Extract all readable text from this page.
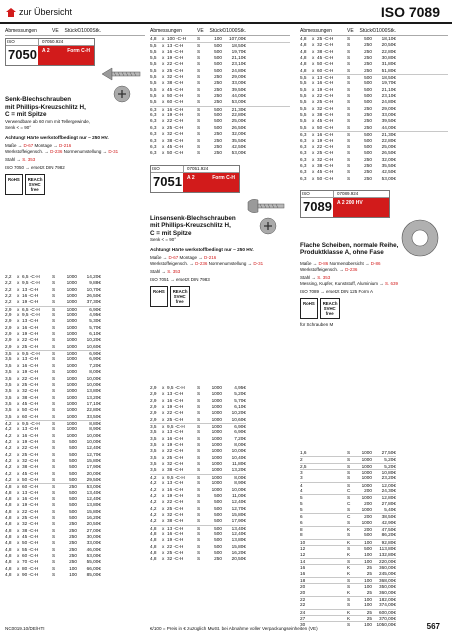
zur Übersicht	ISO 7089
Abmessungen	VE	Stück €/1000Stk.
ISO	07050.924
7050 A 2	Form C-H
Senk-Blechschrauben
mit Phillips-Kreuzschlitz H,
C = mit Spitze
Verwendbare ab 60 mm mit Tellergewinde,
Senk < = 90°
Achtung! Härte werkstoffbedingt nur ~ 250 HV.
Maße → D-67 Montage → D-216
Werkstoffeigensch. → D-236 Normenumstellung → D-31
Stahl → S. 353
ISO 7050 → ersetzt DIN 7982
RoHS	REACh SVHC free
2,2	x 6,5 -C-H	S	1000	14,20€
2,2	x 9,5 -C-H	S	1000	9,88€
2,2	x 13 -C-H	S	1000	10,70€
2,2	x 16 -C-H	S	1000	26,50€
2,2	x 19 -C-H	S	1000	37,30€
2,9	x 6,5 -C-H	S	1000	6,90€
2,9	x 9,5 -C-H	S	1000	4,95€
2,9	x 13 -C-H	S	1000	5,30€
2,9	x 16 -C-H	S	1000	5,70€
2,9	x 19 -C-H	S	1000	6,10€
2,9	x 22 -C-H	S	1000	10,20€
2,9	x 25 -C-H	S	1000	10,60€
3,5	x 9,5 -C-H	S	1000	6,90€
3,5	x 13 -C-H	S	1000	6,90€
3,5	x 16 -C-H	S	1000	7,20€
3,5	x 19 -C-H	S	1000	8,00€
3,5	x 22 -C-H	S	1000	10,00€
3,5	x 25 -C-H	S	1000	10,00€
3,5	x 32 -C-H	S	1000	13,80€
3,5	x 38 -C-H	S	1000	13,20€
3,5	x 45 -C-H	S	1000	17,10€
3,5	x 50 -C-H	S	1000	22,80€
3,5	x 60 -C-H	S	1000	33,50€
4,2	x 9,5 -C-H	S	1000	8,80€
4,2	x 13 -C-H	S	1000	8,90€
4,2	x 16 -C-H	S	1000	10,00€
4,2	x 19 -C-H	S	500	10,00€
4,2	x 22 -C-H	S	500	12,40€
4,2	x 25 -C-H	S	500	12,70€
4,2	x 32 -C-H	S	500	15,80€
4,2	x 38 -C-H	S	500	17,90€
4,2	x 45 -C-H	S	500	20,00€
4,2	x 50 -C-H	S	500	29,50€
4,8	x 60 -C-H	S	250	53,00€
4,8	x 13 -C-H	S	500	13,40€
4,8	x 16 -C-H	S	500	12,40€
4,8	x 19 -C-H	S	500	13,80€
4,8	x 22 -C-H	S	500	15,80€
4,8	x 25 -C-H	S	500	16,20€
4,8	x 32 -C-H	S	250	20,50€
4,8	x 38 -C-H	S	250	27,00€
4,8	x 45 -C-H	S	250	30,00€
4,8	x 50 -C-H	S	250	33,00€
4,8	x 55 -C-H	S	250	46,00€
4,8	x 60 -C-H	S	250	53,00€
4,8	x 70 -C-H	S	250	55,00€
4,8	x 80 -C-H	S	100	66,00€
4,8	x 90 -C-H	S	100	85,00€
Abmessungen	VE	Stück €/1000Stk.
4,8	x 100 -C-H	S	100	107,00€
5,5	x 13 -C-H	S	500	18,50€
5,5	x 16 -C-H	S	500	19,70€
5,5	x 19 -C-H	S	500	21,10€
5,5	x 22 -C-H	S	500	23,10€
5,5	x 25 -C-H	S	500	24,80€
5,5	x 32 -C-H	S	250	29,00€
5,5	x 38 -C-H	S	250	33,00€
5,5	x 45 -C-H	S	250	39,50€
5,5	x 50 -C-H	S	250	44,00€
5,5	x 60 -C-H	S	250	53,00€
6,3	x 16 -C-H	S	500	21,30€
6,3	x 19 -C-H	S	500	22,80€
6,3	x 22 -C-H	S	500	25,00€
6,3	x 25 -C-H	S	500	26,50€
6,3	x 32 -C-H	S	250	32,00€
6,3	x 38 -C-H	S	250	35,50€
6,3	x 45 -C-H	S	250	42,50€
6,3	x 50 -C-H	S	250	53,00€
ISO	07051.924
7051 A 2	Form C-H
Linsensenk-Blechschrauben
mit Phillips-Kreuzschlitz H,
C = mit Spitze
Senk < = 90°
Achtung! Härte werkstoffbedingt nur ~ 250 HV.
Maße → D-67 Montage → D-216
Werkstoffeigensch. → D-236 Normenumstellung → D-31
Stahl → S. 353
ISO 7051 → ersetzt DIN 7983
RoHS	REACh SVHC free
2,9	x 9,5 -C-H	S	1000	4,95€
2,9	x 13 -C-H	S	1000	5,20€
2,9	x 16 -C-H	S	1000	5,70€
2,9	x 19 -C-H	S	1000	6,10€
2,9	x 22 -C-H	S	1000	10,20€
2,9	x 25 -C-H	S	1000	10,60€
3,5	x 9,5 -C-H	S	1000	6,90€
3,5	x 13 -C-H	S	1000	6,90€
3,5	x 16 -C-H	S	1000	7,20€
3,5	x 19 -C-H	S	1000	8,00€
3,5	x 22 -C-H	S	1000	10,00€
3,5	x 25 -C-H	S	1000	10,40€
3,5	x 32 -C-H	S	1000	11,80€
3,5	x 38 -C-H	S	1000	13,20€
4,2	x 9,5 -C-H	S	1000	8,00€
4,2	x 13 -C-H	S	1000	8,90€
4,2	x 16 -C-H	S	1000	10,00€
4,2	x 19 -C-H	S	500	11,00€
4,2	x 22 -C-H	S	500	12,40€
4,2	x 25 -C-H	S	500	12,70€
4,2	x 32 -C-H	S	500	15,80€
4,2	x 38 -C-H	S	500	17,90€
4,8	x 13 -C-H	S	500	13,40€
4,8	x 16 -C-H	S	500	12,40€
4,8	x 19 -C-H	S	500	13,80€
4,8	x 22 -C-H	S	500	15,80€
4,8	x 25 -C-H	S	500	16,20€
4,8	x 32 -C-H	S	250	20,50€
Abmessungen	VE	Stück €/1000Stk.
4,8	x 25 -C-H	S	500	18,10€
4,8	x 32 -C-H	S	250	20,50€
4,8	x 38 -C-H	S	250	22,80€
4,8	x 45 -C-H	S	250	30,80€
4,8	x 50 -C-H	S	250	31,80€
4,8	x 60 -C-H	S	250	51,80€
5,5	x 13 -C-H	S	500	18,50€
5,5	x 16 -C-H	S	500	19,70€
5,5	x 19 -C-H	S	500	21,10€
5,5	x 22 -C-H	S	500	23,10€
5,5	x 25 -C-H	S	500	24,80€
5,5	x 32 -C-H	S	250	29,00€
5,5	x 38 -C-H	S	250	33,00€
5,5	x 45 -C-H	S	250	39,50€
5,5	x 50 -C-H	S	250	44,00€
6,3	x 16 -C-H	S	500	21,30€
6,3	x 19 -C-H	S	500	22,80€
6,3	x 22 -C-H	S	500	25,00€
6,3	x 25 -C-H	S	500	26,50€
6,3	x 32 -C-H	S	250	32,00€
6,3	x 38 -C-H	S	250	35,50€
6,3	x 45 -C-H	S	250	42,50€
6,3	x 50 -C-H	S	250	53,00€
ISO	07089.924
7089 A 2 200 HV
Flache Scheiben, normale Reihe,
Produktklasse A, ohne Fase
Maße → D-86 Normenübersicht → D-86
Werkstoffeigensch. → D-236
Stahl → S. 353
Messing, Kupfer, Kunststoff, Aluminium → S. 639
ISO 7089 → ersetzt DIN 125 Form A
RoHS	REACh SVHC free
für Schrauben M
1,6	S	1000	27,50€
2	S	1000	5,20€
2,5	S	1000	5,20€
3	S	1000	10,80€
3	S	1000	23,20€
4	S	1000	12,00€
4	C	200	24,30€
5	S	1000	12,80€
5	C	200	27,80€
5	S	1000	5,40€
6	C	200	38,50€
6	S	1000	42,90€
8	K	200	47,50€
8	S	500	86,20€
10	K	100	92,80€
12	S	500	113,80€
12	K	100	132,80€
14	S	100	220,00€
16	K	25	360,00€
16	K	25	245,00€
18	S	100	368,00€
20	S	100	350,00€
20	K	25	360,00€
22	S	100	182,00€
22	S	100	374,00€
24	K	25	600,00€
27	K	25	370,00€
30	S	100 1050,00€
NC0019.10/DE/HTI	€/100 = Preis in € zuzüglich MwSt. bei Abnahme voller Verpackungseinheiten (VE)	567
